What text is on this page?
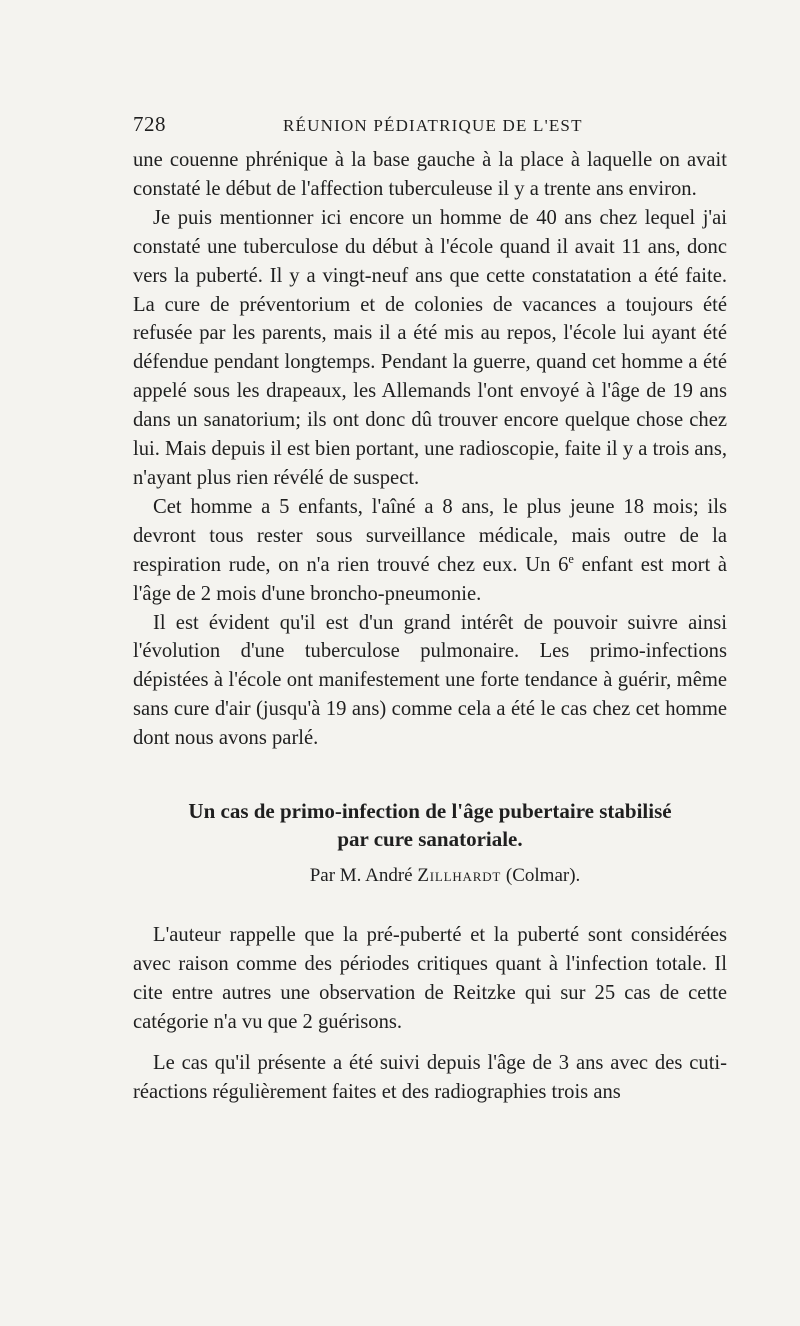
728	RÉUNION PÉDIATRIQUE DE L'EST

une couenne phrénique à la base gauche à la place à laquelle on avait constaté le début de l'affection tuberculeuse il y a trente ans environ.

Je puis mentionner ici encore un homme de 40 ans chez lequel j'ai constaté une tuberculose du début à l'école quand il avait 11 ans, donc vers la puberté. Il y a vingt-neuf ans que cette constatation a été faite. La cure de préventorium et de colonies de vacances a toujours été refusée par les parents, mais il a été mis au repos, l'école lui ayant été défendue pendant longtemps. Pendant la guerre, quand cet homme a été appelé sous les drapeaux, les Allemands l'ont envoyé à l'âge de 19 ans dans un sanatorium; ils ont donc dû trouver encore quelque chose chez lui. Mais depuis il est bien portant, une radioscopie, faite il y a trois ans, n'ayant plus rien révélé de suspect.

Cet homme a 5 enfants, l'aîné a 8 ans, le plus jeune 18 mois; ils devront tous rester sous surveillance médicale, mais outre de la respiration rude, on n'a rien trouvé chez eux. Un 6e enfant est mort à l'âge de 2 mois d'une broncho-pneumonie.

Il est évident qu'il est d'un grand intérêt de pouvoir suivre ainsi l'évolution d'une tuberculose pulmonaire. Les primo-infections dépistées à l'école ont manifestement une forte tendance à guérir, même sans cure d'air (jusqu'à 19 ans) comme cela a été le cas chez cet homme dont nous avons parlé.

Un cas de primo-infection de l'âge pubertaire stabilisé
par cure sanatoriale.
Par M. André Zillhardt (Colmar).

L'auteur rappelle que la pré-puberté et la puberté sont considérées avec raison comme des périodes critiques quant à l'infection totale. Il cite entre autres une observation de Reitzke qui sur 25 cas de cette catégorie n'a vu que 2 guérisons.

Le cas qu'il présente a été suivi depuis l'âge de 3 ans avec des cuti-réactions régulièrement faites et des radiographies trois ans
